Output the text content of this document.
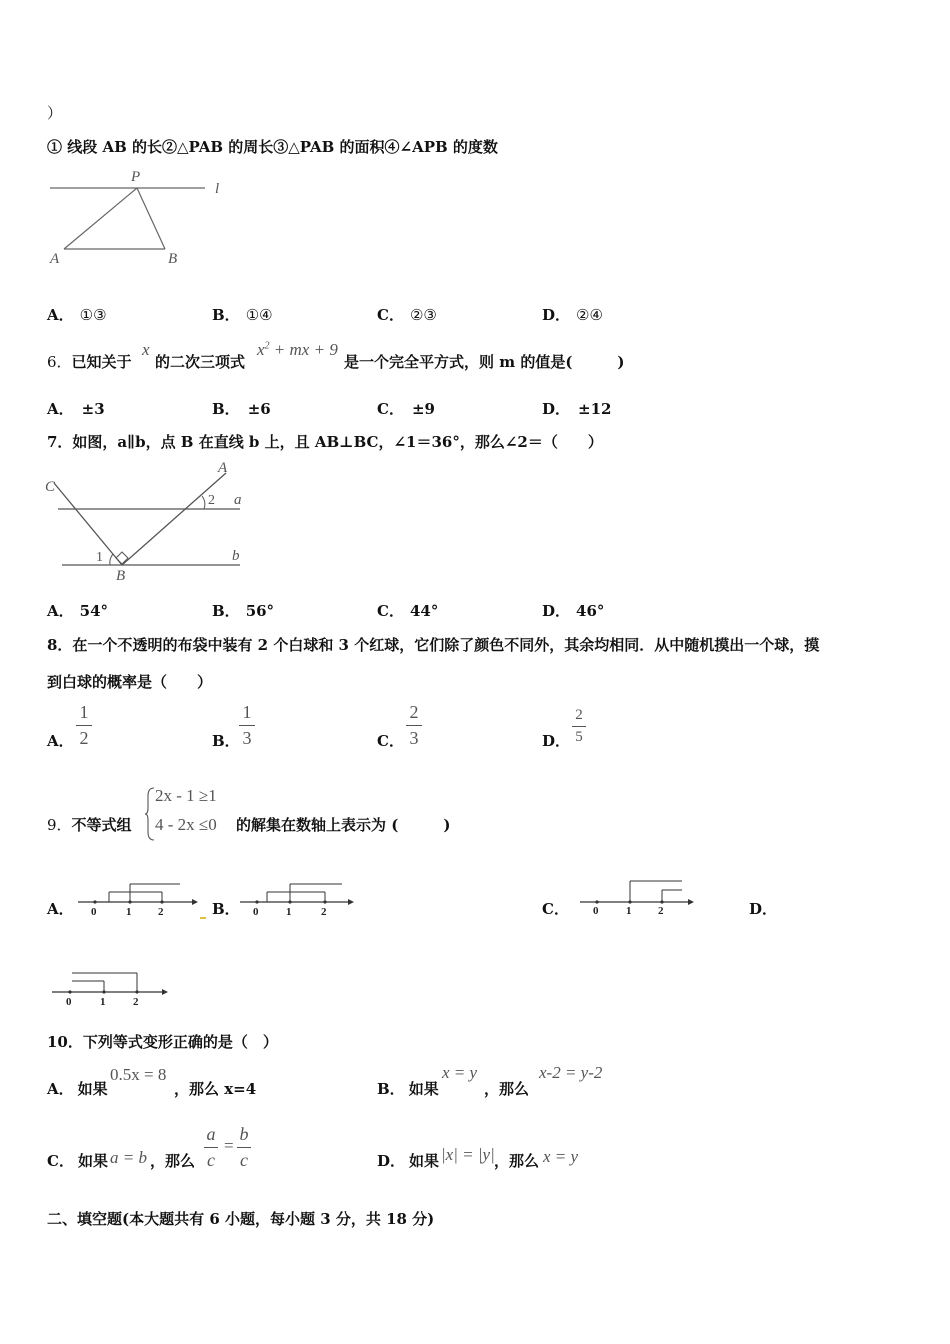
）
① 线段 AB 的长②△PAB 的周长③△PAB 的面积④∠APB 的度数
P
l
A	B
A． ①③	B． ①④	C． ②③	D． ②④
6．已知关于
x
的二次三项式
$x^2$ + mx + 9
是一个完全平方式，则 m 的值是(　　　)
A． ±3	B． ±6	C． ±9	D． ±12
7．如图，a∥b，点 B 在直线 b 上，且 AB⊥BC，∠1＝36°，那么∠2＝（　　）
C
A
a
b
B
1
2
A． 54°	B． 56°	C． 44°	D． 46°
8．在一个不透明的布袋中装有 2 个白球和 3 个红球，它们除了颜色不同外，其余均相同．从中随机摸出一个球，摸
到白球的概率是（　　）
A．
1
2	B．
1
3	C．
2
3	D．
2
5
9．不等式组
2x - 1 ≥1
4 - 2x ≤0 的解集在数轴上表示为 (　　　)
A． 0	1 2	B． 0	1	2	C． 0	1 2	D．
0	1	2
10．下列等式变形正确的是（　）
A． 如果
0.5x = 8
，那么 x=4	B． 如果
x = y
，那么
x-2 = y-2
C． 如果 a = b ，那么
a
c
=
b
c	D． 如果 |x| = |y| ，那么 x = y
二、填空题(本大题共有 6 小题，每小题 3 分，共 18 分)
